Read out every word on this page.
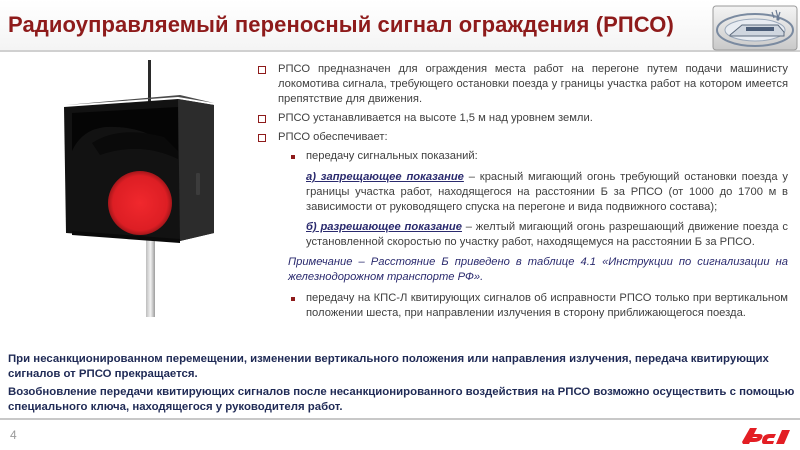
Радиоуправляемый переносный сигнал ограждения (РПСО)
РПСО предназначен для ограждения места работ на перегоне путем подачи машинисту локомотива сигнала, требующего остановки поезда у границы участка работ на котором имеется препятствие для движения.
РПСО устанавливается на высоте 1,5 м над уровнем земли.
РПСО обеспечивает:
передачу сигнальных показаний:
а) запрещающее показание – красный мигающий огонь требующий остановки поезда у границы участка работ, находящегося на расстоянии Б за РПСО (от 1000 до 1700 м в зависимости от руководящего спуска на перегоне и вида подвижного состава);
б) разрешающее показание – желтый мигающий огонь разрешающий движение поезда с установленной скоростью по участку работ, находящемуся на расстоянии Б за РПСО.
Примечание – Расстояние Б приведено в таблице 4.1 «Инструкции по сигнализации на железнодорожном транспорте РФ».
передачу на КПС-Л квитирующих сигналов об исправности РПСО только при вертикальном положении шеста, при направлении излучения в сторону приближающегося поезда.

При несанкционированном перемещении, изменении вертикального положения или направления излучения, передача квитирующих сигналов от РПСО прекращается.

Возобновление передачи квитирующих сигналов после несанкционированного воздействия на РПСО возможно осуществить с помощью специального ключа, находящегося у руководителя работ.

4
